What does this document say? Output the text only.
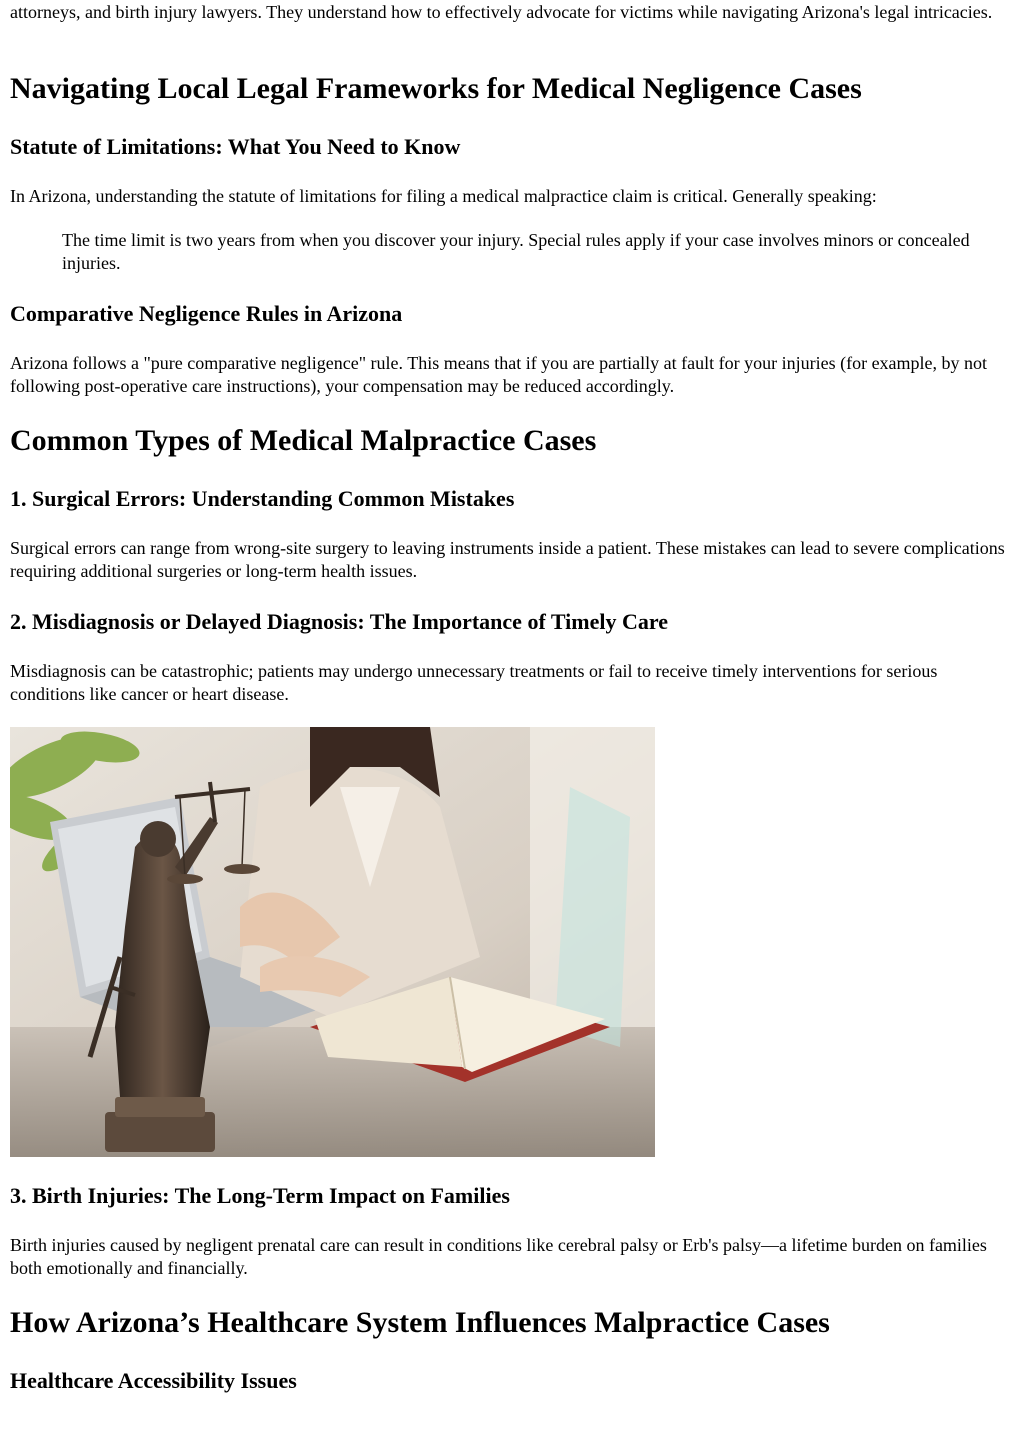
attorneys, and birth injury lawyers. They understand how to effectively advocate for victims while navigating Arizona's legal intricacies.

Navigating Local Legal Frameworks for Medical Negligence Cases
Statute of Limitations: What You Need to Know

In Arizona, understanding the statute of limitations for filing a medical malpractice claim is critical. Generally speaking:

The time limit is two years from when you discover your injury. Special rules apply if your case involves minors or concealed injuries.
Comparative Negligence Rules in Arizona

Arizona follows a "pure comparative negligence" rule. This means that if you are partially at fault for your injuries (for example, by not following post-operative care instructions), your compensation may be reduced accordingly.

Common Types of Medical Malpractice Cases
1. Surgical Errors: Understanding Common Mistakes

Surgical errors can range from wrong-site surgery to leaving instruments inside a patient. These mistakes can lead to severe complications requiring additional surgeries or long-term health issues.

2. Misdiagnosis or Delayed Diagnosis: The Importance of Timely Care

Misdiagnosis can be catastrophic; patients may undergo unnecessary treatments or fail to receive timely interventions for serious conditions like cancer or heart disease.

3. Birth Injuries: The Long-Term Impact on Families

Birth injuries caused by negligent prenatal care can result in conditions like cerebral palsy or Erb's palsy—a lifetime burden on families both emotionally and financially.

How Arizona’s Healthcare System Influences Malpractice Cases
Healthcare Accessibility Issues
